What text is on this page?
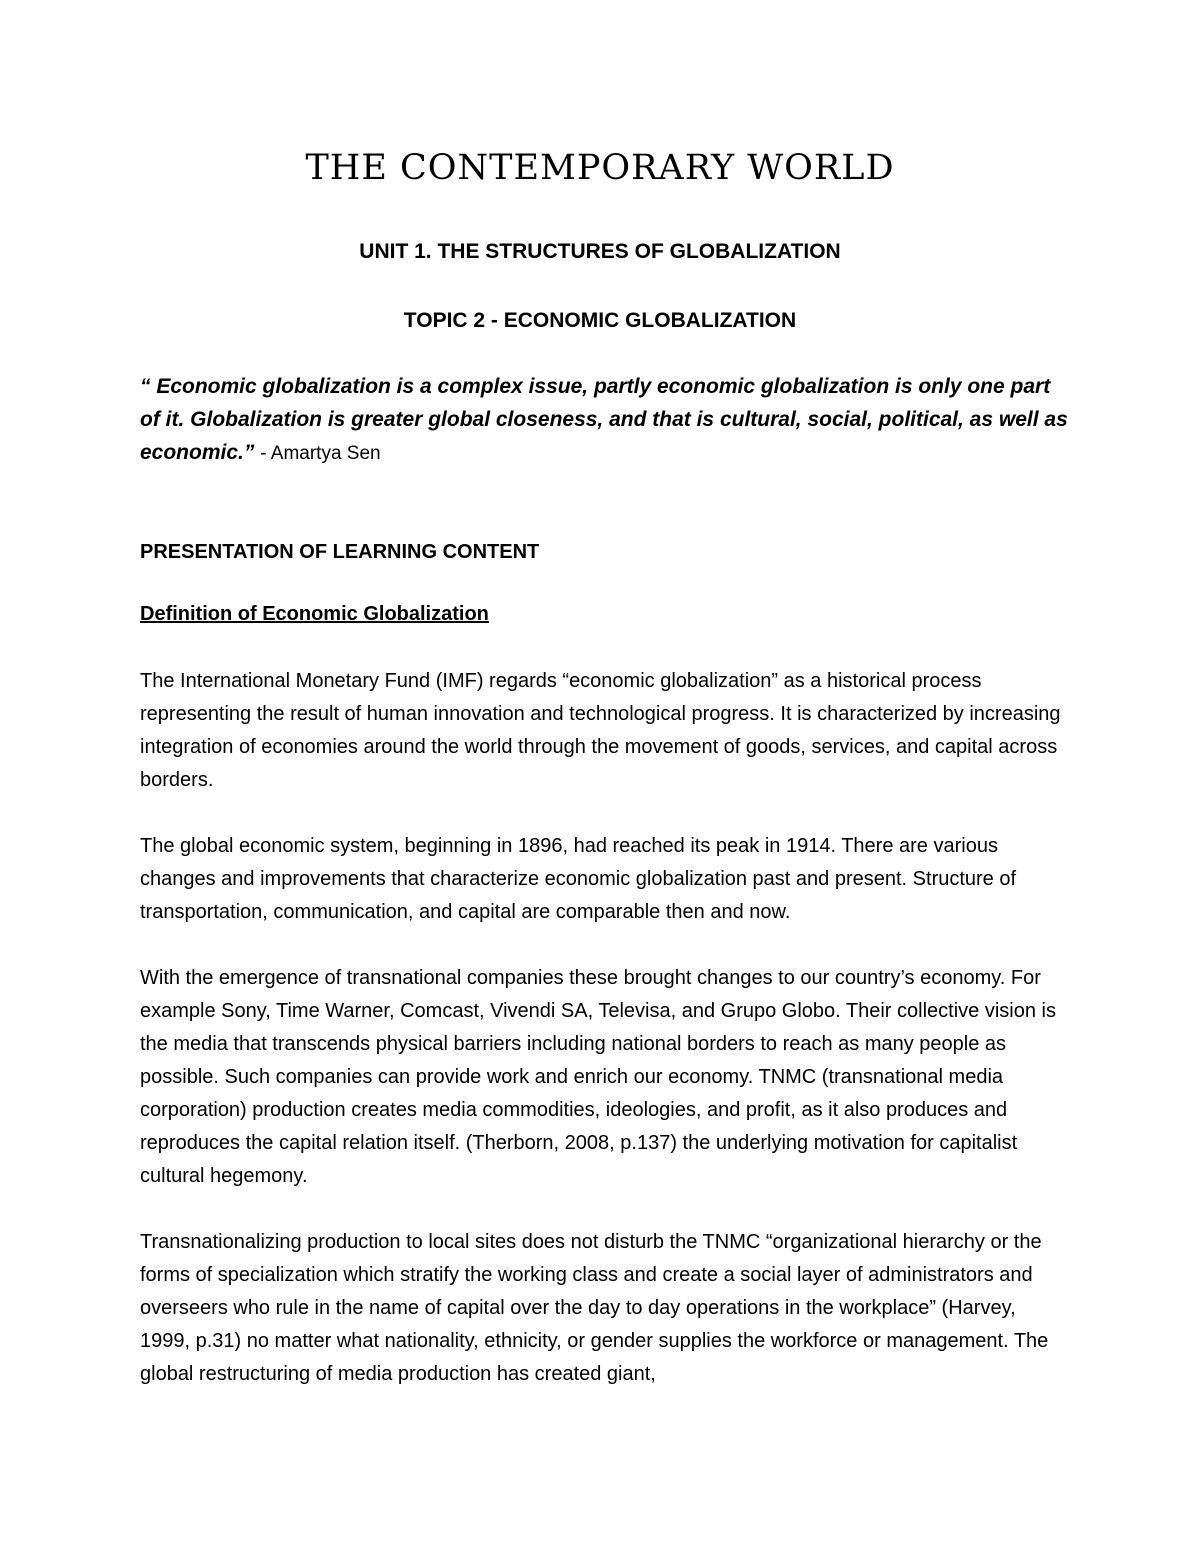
THE CONTEMPORARY WORLD
UNIT 1. THE STRUCTURES OF GLOBALIZATION
TOPIC 2 - ECONOMIC GLOBALIZATION

“ Economic globalization is a complex issue, partly economic globalization is only one part of it. Globalization is greater global closeness, and that is cultural, social, political, as well as economic.” - Amartya Sen

PRESENTATION OF LEARNING CONTENT
Definition of Economic Globalization

The International Monetary Fund (IMF) regards “economic globalization” as a historical process representing the result of human innovation and technological progress. It is characterized by increasing integration of economies around the world through the movement of goods, services, and capital across borders.

The global economic system, beginning in 1896, had reached its peak in 1914. There are various changes and improvements that characterize economic globalization past and present. Structure of transportation, communication, and capital are comparable then and now.

With the emergence of transnational companies these brought changes to our country’s economy. For example Sony, Time Warner, Comcast, Vivendi SA, Televisa, and Grupo Globo. Their collective vision is the media that transcends physical barriers including national borders to reach as many people as possible. Such companies can provide work and enrich our economy. TNMC (transnational media corporation) production creates media commodities, ideologies, and profit, as it also produces and reproduces the capital relation itself. (Therborn, 2008, p.137) the underlying motivation for capitalist cultural hegemony.

Transnationalizing production to local sites does not disturb the TNMC “organizational hierarchy or the forms of specialization which stratify the working class and create a social layer of administrators and overseers who rule in the name of capital over the day to day operations in the workplace” (Harvey, 1999, p.31) no matter what nationality, ethnicity, or gender supplies the workforce or management. The global restructuring of media production has created giant,
